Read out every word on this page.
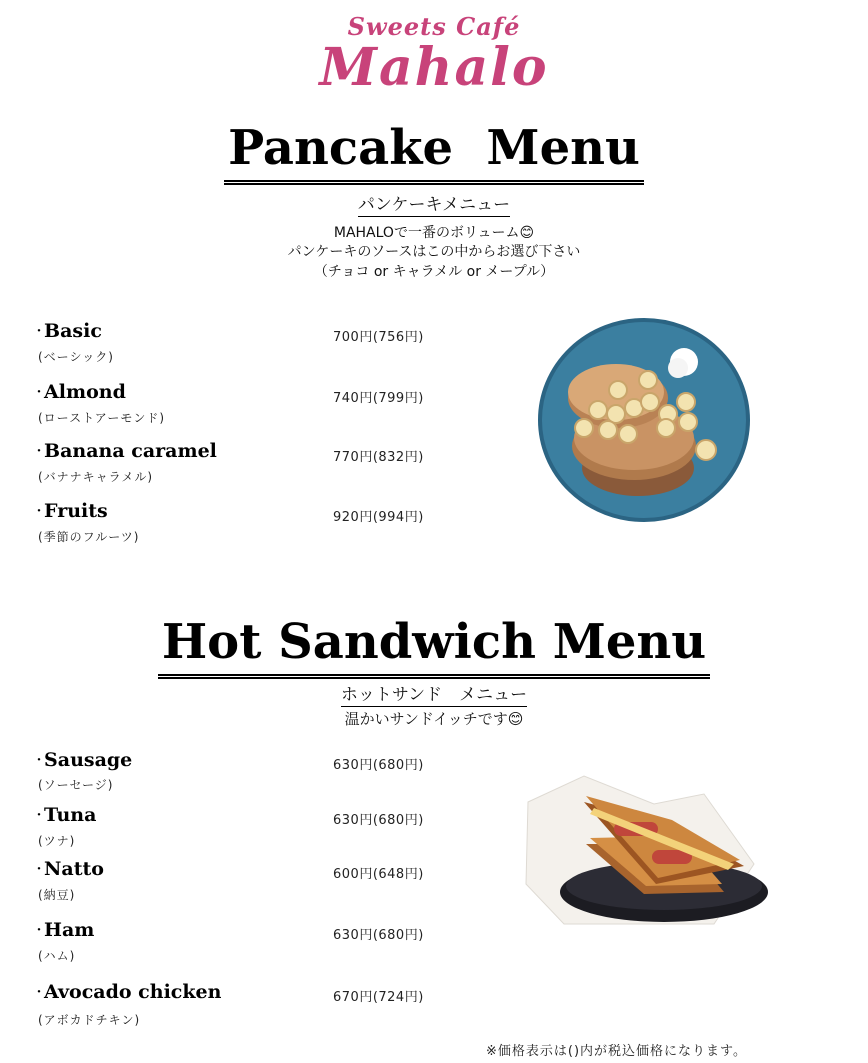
Sweets Café
Mahalo
Pancake  Menu
パンケーキメニュー
MAHALOで一番のボリューム😊
パンケーキのソースはこの中からお選び下さい
（チョコ or キャラメル or メープル）
· Basic
(ベーシック)
700円(756円)
· Almond
(ローストアーモンド)
740円(799円)
· Banana caramel
(バナナキャラメル)
770円(832円)
· Fruits
(季節のフルーツ)
920円(994円)
Hot Sandwich Menu
ホットサンド　メニュー
温かいサンドイッチです😊
· Sausage
(ソーセージ)
630円(680円)
· Tuna
(ツナ)
630円(680円)
· Natto
(納豆)
600円(648円)
· Ham
(ハム)
630円(680円)
· Avocado chicken
(アボカドチキン)
670円(724円)
※価格表示は()内が税込価格になります。
